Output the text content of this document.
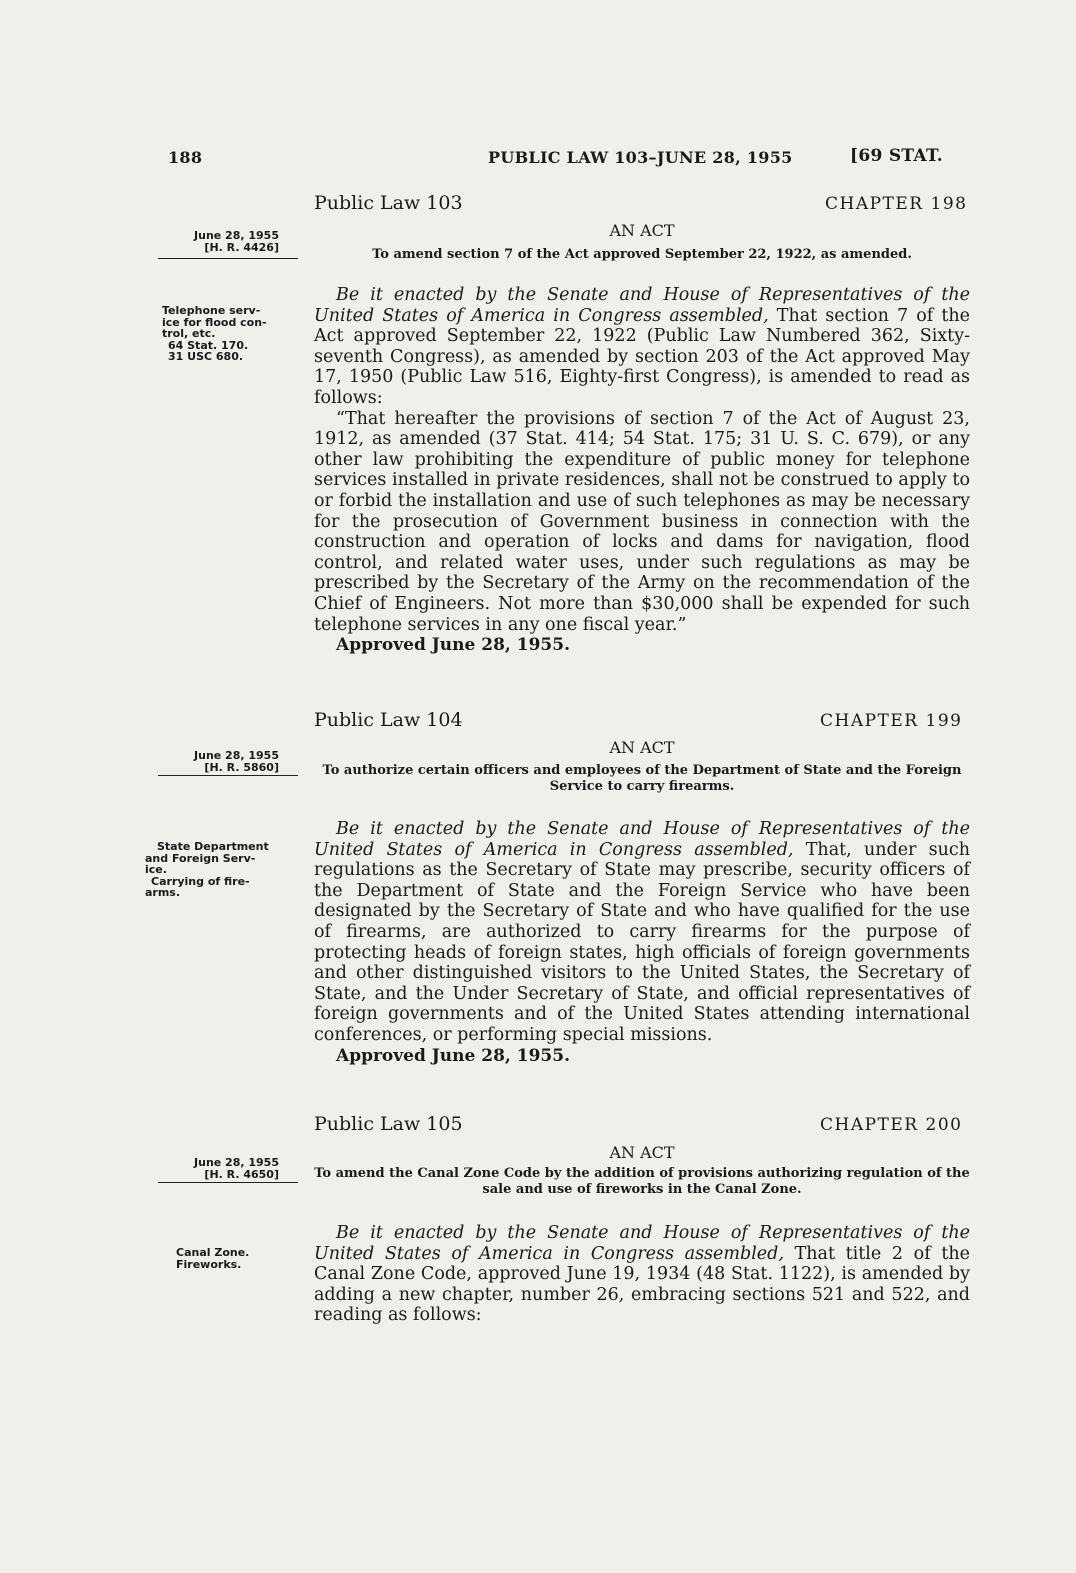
188	PUBLIC LAW 103–JUNE 28, 1955	[69 STAT.
Public Law 103	CHAPTER 198
AN ACT
To amend section 7 of the Act approved September 22, 1922, as amended.
June 28, 1955
[H. R. 4426]
Telephone serv-
ice for flood con-
trol, etc.
64 Stat. 170.
31 USC 680.

Be it enacted by the Senate and House of Representatives of the United States of America in Congress assembled, That section 7 of the Act approved September 22, 1922 (Public Law Numbered 362, Sixty-seventh Congress), as amended by section 203 of the Act approved May 17, 1950 (Public Law 516, Eighty-first Congress), is amended to read as follows:

“That hereafter the provisions of section 7 of the Act of August 23, 1912, as amended (37 Stat. 414; 54 Stat. 175; 31 U. S. C. 679), or any other law prohibiting the expenditure of public money for telephone services installed in private residences, shall not be construed to apply to or forbid the installation and use of such telephones as may be necessary for the prosecution of Government business in connection with the construction and operation of locks and dams for navigation, flood control, and related water uses, under such regulations as may be prescribed by the Secretary of the Army on the recommendation of the Chief of Engineers. Not more than $30,000 shall be expended for such telephone services in any one fiscal year.”

Approved June 28, 1955.

Public Law 104	CHAPTER 199
AN ACT
To authorize certain officers and employees of the Department of State and the Foreign Service to carry firearms.
June 28, 1955
[H. R. 5860]
State Department
and Foreign Serv-
ice.
Carrying of fire-
arms.

Be it enacted by the Senate and House of Representatives of the United States of America in Congress assembled, That, under such regulations as the Secretary of State may prescribe, security officers of the Department of State and the Foreign Service who have been designated by the Secretary of State and who have qualified for the use of firearms, are authorized to carry firearms for the purpose of protecting heads of foreign states, high officials of foreign governments and other distinguished visitors to the United States, the Secretary of State, and the Under Secretary of State, and official representatives of foreign governments and of the United States attending international conferences, or performing special missions.

Approved June 28, 1955.

Public Law 105	CHAPTER 200
AN ACT
To amend the Canal Zone Code by the addition of provisions authorizing regulation of the sale and use of fireworks in the Canal Zone.
June 28, 1955
[H. R. 4650]
Canal Zone.
Fireworks.

Be it enacted by the Senate and House of Representatives of the United States of America in Congress assembled, That title 2 of the Canal Zone Code, approved June 19, 1934 (48 Stat. 1122), is amended by adding a new chapter, number 26, embracing sections 521 and 522, and reading as follows:
